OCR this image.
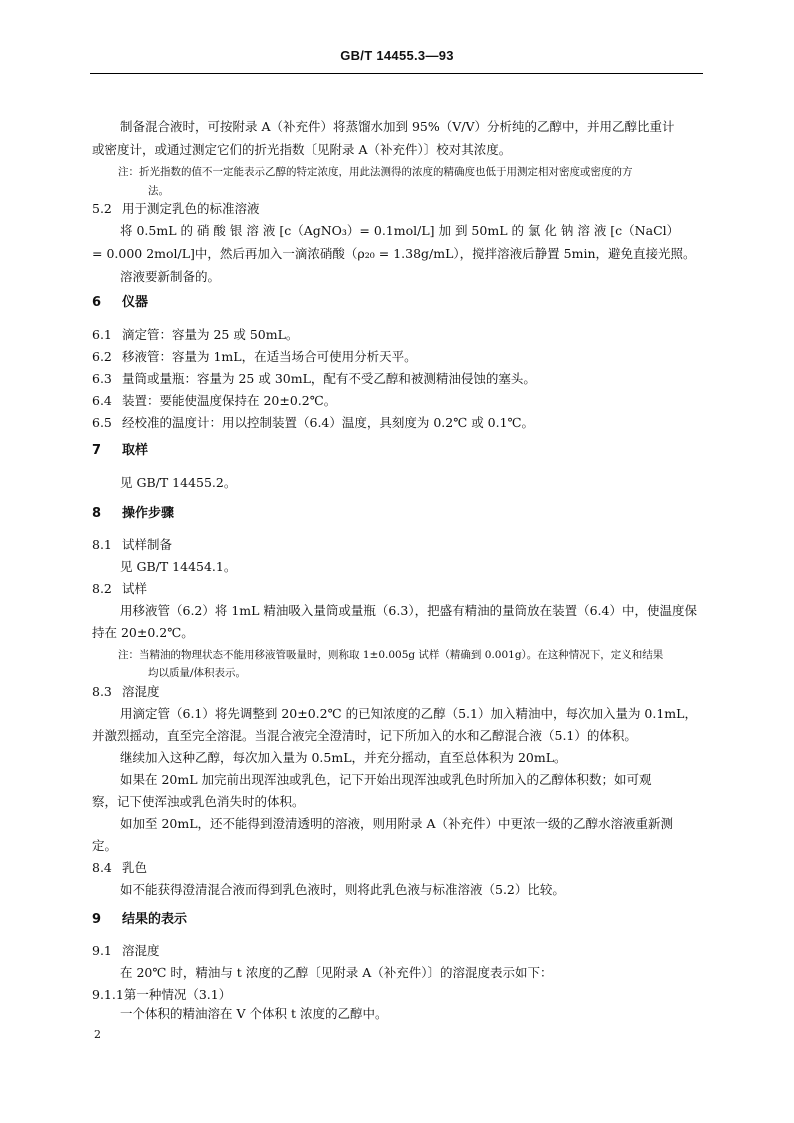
GB/T 14455.3—93
制备混合液时，可按附录 A（补充件）将蒸馏水加到 95%（V/V）分析纯的乙醇中，并用乙醇比重计
或密度计，或通过测定它们的折光指数〔见附录 A（补充件）〕校对其浓度。
注：折光指数的值不一定能表示乙醇的特定浓度，用此法测得的浓度的精确度也低于用测定相对密度或密度的方
法。
5.2 用于测定乳色的标准溶液
将 0.5mL 的 硝 酸 银 溶 液 [c（AgNO₃）= 0.1mol/L] 加 到 50mL 的 氯 化 钠 溶 液 [c（NaCl）
= 0.000 2mol/L]中，然后再加入一滴浓硝酸（ρ₂₀ = 1.38g/mL），搅拌溶液后静置 5min，避免直接光照。
溶液要新制备的。
6 仪器
6.1 滴定管：容量为 25 或 50mL。
6.2 移液管：容量为 1mL，在适当场合可使用分析天平。
6.3 量筒或量瓶：容量为 25 或 30mL，配有不受乙醇和被测精油侵蚀的塞头。
6.4 装置：要能使温度保持在 20±0.2℃。
6.5 经校准的温度计：用以控制装置（6.4）温度，具刻度为 0.2℃ 或 0.1℃。
7 取样
见 GB/T 14455.2。
8 操作步骤
8.1 试样制备
见 GB/T 14454.1。
8.2 试样
用移液管（6.2）将 1mL 精油吸入量筒或量瓶（6.3），把盛有精油的量筒放在装置（6.4）中，使温度保
持在 20±0.2℃。
注：当精油的物理状态不能用移液管吸量时，则称取 1±0.005g 试样（精确到 0.001g）。在这种情况下，定义和结果
均以质量/体积表示。
8.3 溶混度
用滴定管（6.1）将先调整到 20±0.2℃ 的已知浓度的乙醇（5.1）加入精油中，每次加入量为 0.1mL，
并激烈摇动，直至完全溶混。当混合液完全澄清时，记下所加入的水和乙醇混合液（5.1）的体积。
继续加入这种乙醇，每次加入量为 0.5mL，并充分摇动，直至总体积为 20mL。
如果在 20mL 加完前出现浑浊或乳色，记下开始出现浑浊或乳色时所加入的乙醇体积数；如可观
察，记下使浑浊或乳色消失时的体积。
如加至 20mL，还不能得到澄清透明的溶液，则用附录 A（补充件）中更浓一级的乙醇水溶液重新测
定。
8.4 乳色
如不能获得澄清混合液而得到乳色液时，则将此乳色液与标准溶液（5.2）比较。
9 结果的表示
9.1 溶混度
在 20℃ 时，精油与 t 浓度的乙醇〔见附录 A（补充件）〕的溶混度表示如下：
9.1.1第一种情况（3.1）
一个体积的精油溶在 V 个体积 t 浓度的乙醇中。
2
